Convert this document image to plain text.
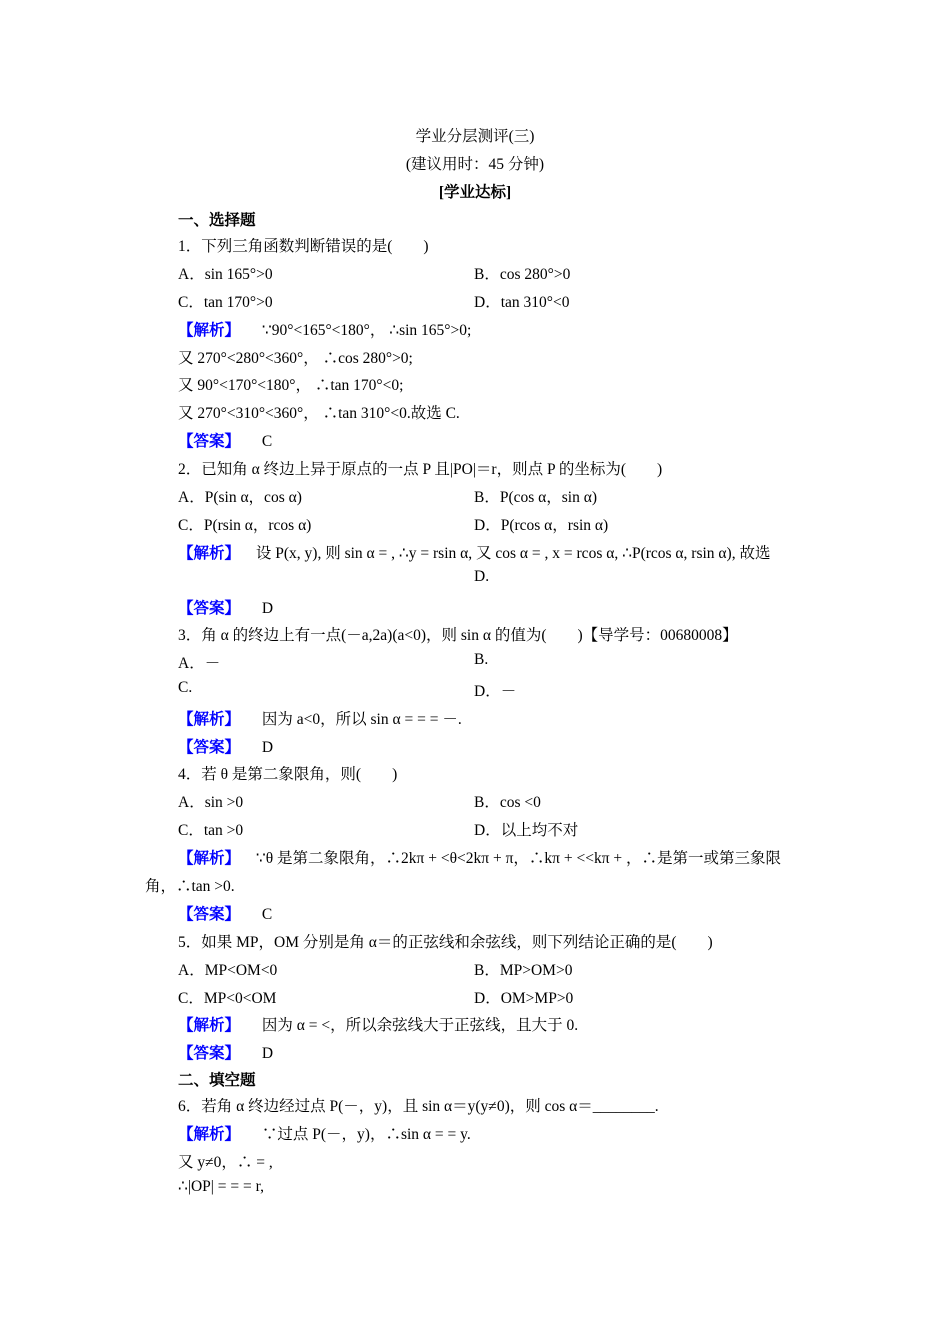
学业分层测评(三)
(建议用时：45 分钟)
[学业达标]
一、选择题
1．下列三角函数判断错误的是(　　)
A．sin 165°>0	B．cos 280°>0
C．tan 170°>0	D．tan 310°<0
【解析】 ∵90°<165°<180°， ∴sin 165°>0;
又 270°<280°<360°， ∴cos 280°>0;
又 90°<170°<180°， ∴tan 170°<0;
又 270°<310°<360°， ∴tan 310°<0.故选 C.
【答案】 C
2．已知角 α 终边上异于原点的一点 P 且|PO|＝r，则点 P 的坐标为(　　)
A．P(sin α，cos α)	B．P(cos α，sin α)
C．P(rsin α，rcos α)	D．P(rcos α，rsin α)
【解析】 设 P(x, y), 则 sin α = , ∴y = rsin α, 又 cos α = , x = rcos α, ∴P(rcos α, rsin α), 故选
D.
【答案】 D
3．角 α 的终边上有一点(－a,2a)(a<0)，则 sin α 的值为(　　)【导学号：00680008】
A．－	B.
C.	D．－
【解析】 因为 a<0，所以 sin α = = = －.
【答案】 D
4．若 θ 是第二象限角，则(　　)
A．sin >0	B．cos <0
C．tan >0	D．以上均不对
【解析】 ∵θ 是第二象限角，∴2kπ + <θ<2kπ + π，∴kπ + <<kπ + ，∴是第一或第三象限
角，∴tan >0.
【答案】 C
5．如果 MP，OM 分别是角 α＝的正弦线和余弦线，则下列结论正确的是(　　)
A．MP<OM<0	B．MP>OM>0
C．MP<0<OM	D．OM>MP>0
【解析】 因为 α = <，所以余弦线大于正弦线，且大于 0.
【答案】 D
二、填空题
6．若角 α 终边经过点 P(－，y)，且 sin α＝y(y≠0)，则 cos α＝________.
【解析】 ∵过点 P(－，y)，∴sin α = = y.
又 y≠0，∴ = ,
∴|OP| = = = r,
